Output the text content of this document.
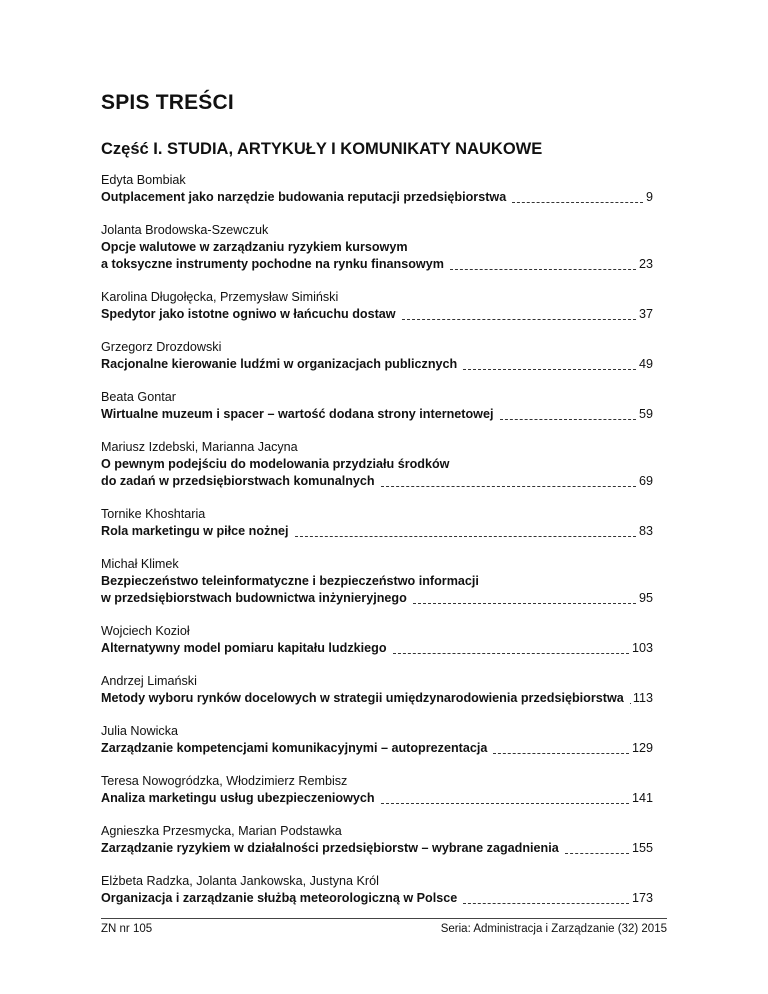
SPIS TREŚCI
Część I. STUDIA, ARTYKUŁY I KOMUNIKATY NAUKOWE
Edyta Bombiak
Outplacement jako narzędzie budowania reputacji przedsiębiorstwa	9
Jolanta Brodowska-Szewczuk
Opcje walutowe w zarządzaniu ryzykiem kursowym
a toksyczne instrumenty pochodne na rynku finansowym	23
Karolina Długołęcka, Przemysław Simiński
Spedytor jako istotne ogniwo w łańcuchu dostaw	37
Grzegorz Drozdowski
Racjonalne kierowanie ludźmi w organizacjach publicznych	49
Beata Gontar
Wirtualne muzeum i spacer – wartość dodana strony internetowej	59
Mariusz Izdebski, Marianna Jacyna
O pewnym podejściu do modelowania przydziału środków
do zadań w przedsiębiorstwach komunalnych	69
Tornike Khoshtaria
Rola marketingu w piłce nożnej	83
Michał Klimek
Bezpieczeństwo teleinformatyczne i bezpieczeństwo informacji
w przedsiębiorstwach budownictwa inżynieryjnego	95
Wojciech Kozioł
Alternatywny model pomiaru kapitału ludzkiego	103
Andrzej Limański
Metody wyboru rynków docelowych w strategii umiędzynarodowienia przedsiębiorstwa 113
Julia Nowicka
Zarządzanie kompetencjami komunikacyjnymi – autoprezentacja	129
Teresa Nowogródzka, Włodzimierz Rembisz
Analiza marketingu usług ubezpieczeniowych	141
Agnieszka Przesmycka, Marian Podstawka
Zarządzanie ryzykiem w działalności przedsiębiorstw – wybrane zagadnienia	155
Elżbeta Radzka, Jolanta Jankowska, Justyna Król
Organizacja i zarządzanie służbą meteorologiczną w Polsce	173
ZN nr 105	Seria: Administracja i Zarządzanie (32) 2015
